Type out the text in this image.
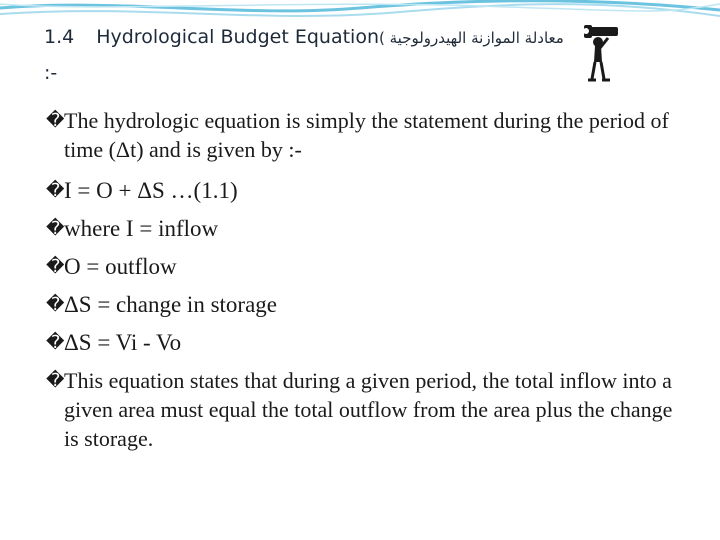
1.4 Hydrological Budget Equationمعادلة الموازنة الهيدرولوجية )
:-

� The hydrologic equation is simply the statement during the period of time (Δt) and is given by :-

� I = O + ΔS …(1.1)

� where I = inflow

� O = outflow

� ΔS = change in storage

� ΔS = Vi - Vo

� This equation states that during a given period, the total inflow into a given area must equal the total outflow from the area plus the change is storage.
